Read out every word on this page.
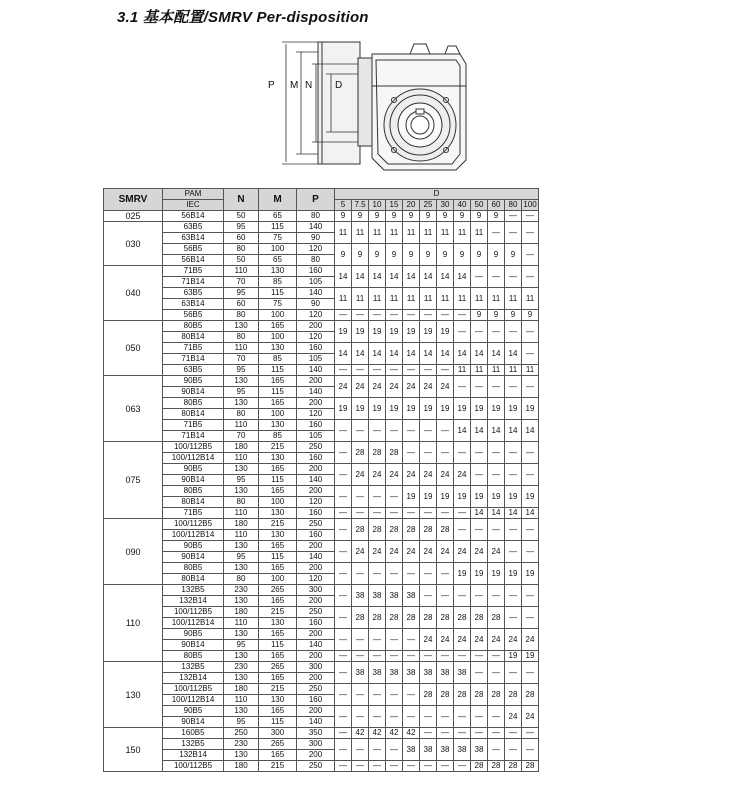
3.1 基本配置/SMRV Per-disposition
P M N D
SMRV	PAM	N	M	P	D											
	IEC				5	7.5	10	15	20	25	30	40	50	60	80	100
025	56B14	50	65	80	9	9	9	9	9	9	9	9	9	9	—	—
030	63B5	95	115	140	11	11	11	11	11	11	11	11	11	—	—	—
	63B14	60	75	90												
	56B5	80	100	120	9	9	9	9	9	9	9	9	9	9	9	—
	56B14	50	65	80												
040	71B5	110	130	160	14	14	14	14	14	14	14	14	—	—	—	—
	71B14	70	85	105												
	63B5	95	115	140	11	11	11	11	11	11	11	11	11	11	11	11
	63B14	60	75	90												
	56B5	80	100	120	—	—	—	—	—	—	—	—	9	9	9	9
050	80B5	130	165	200	19	19	19	19	19	19	19	—	—	—	—	—
	80B14	80	100	120												
	71B5	110	130	160	14	14	14	14	14	14	14	14	14	14	14	—
	71B14	70	85	105												
	63B5	95	115	140	—	—	—	—	—	—	—	11	11	11	11	11
063	90B5	130	165	200	24	24	24	24	24	24	24	—	—	—	—	—
	90B14	95	115	140												
	80B5	130	165	200	19	19	19	19	19	19	19	19	19	19	19	19
	80B14	80	100	120												
	71B5	110	130	160	—	—	—	—	—	—	—	14	14	14	14	14
	71B14	70	85	105												
075	100/112B5	180	215	250	—	28	28	28	—	—	—	—	—	—	—	—
	100/112B14	110	130	160												
	90B5	130	165	200	—	24	24	24	24	24	24	24	—	—	—	—
	90B14	95	115	140												
	80B5	130	165	200	—	—	—	—	19	19	19	19	19	19	19	19
	80B14	80	100	120												
	71B5	110	130	160	—	—	—	—	—	—	—	—	14	14	14	14
090	100/112B5	180	215	250	—	28	28	28	28	28	28	—	—	—	—	—
	100/112B14	110	130	160												
	90B5	130	165	200	—	24	24	24	24	24	24	24	24	24	—	—
	90B14	95	115	140												
	80B5	130	165	200	—	—	—	—	—	—	—	19	19	19	19	19
	80B14	80	100	120												
110	132B5	230	265	300	—	38	38	38	38	—	—	—	—	—	—	—
	132B14	130	165	200												
	100/112B5	180	215	250	—	28	28	28	28	28	28	28	28	28	—	—
	100/112B14	110	130	160												
	90B5	130	165	200	—	—	—	—	—	24	24	24	24	24	24	24
	90B14	95	115	140												
	80B5	130	165	200	—	—	—	—	—	—	—	—	—	—	19	19
130	132B5	230	265	300	—	38	38	38	38	38	38	38	—	—	—	—
	132B14	130	165	200												
	100/112B5	180	215	250	—	—	—	—	—	28	28	28	28	28	28	28
	100/112B14	110	130	160												
	90B5	130	165	200	—	—	—	—	—	—	—	—	—	—	24	24
	90B14	95	115	140												
150	160B5	250	300	350	—	42	42	42	42	—	—	—	—	—	—	—
	132B5	230	265	300	—	—	—	—	38	38	38	38	38	—	—	—
	132B14	130	165	200												
	100/112B5	180	215	250	—	—	—	—	—	—	—	—	28	28	28	28
